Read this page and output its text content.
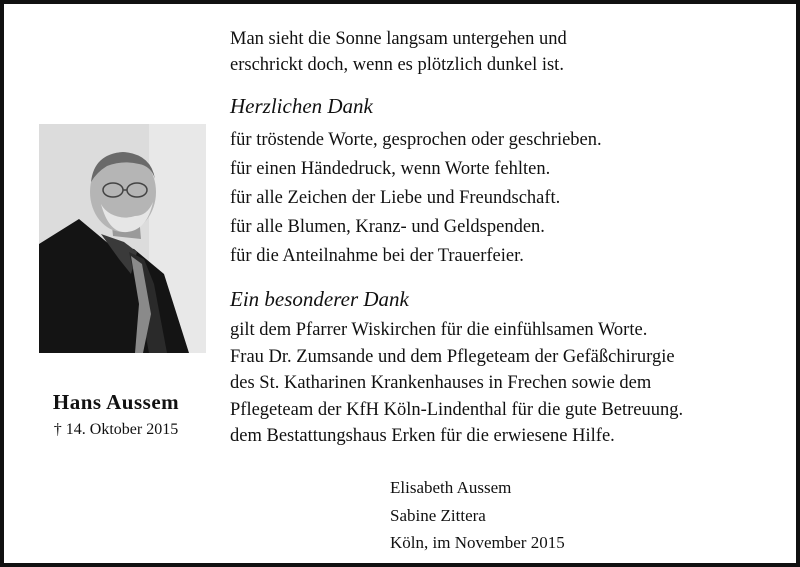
Hans Aussem
† 14. Oktober 2015

Man sieht die Sonne langsam untergehen und

erschrickt doch, wenn es plötzlich dunkel ist.

Herzlichen Dank

für tröstende Worte, gesprochen oder geschrieben.

für einen Händedruck, wenn Worte fehlten.

für alle Zeichen der Liebe und Freundschaft.

für alle Blumen, Kranz- und Geldspenden.

für die Anteilnahme bei der Trauerfeier.

Ein besonderer Dank

gilt dem Pfarrer Wiskirchen für die einfühlsamen Worte.

Frau Dr. Zumsande und dem Pflegeteam der Gefäßchirurgie

des St. Katharinen Krankenhauses in Frechen sowie dem

Pflegeteam der KfH Köln-Lindenthal für die gute Betreuung.

dem Bestattungshaus Erken für die erwiesene Hilfe.

Elisabeth Aussem

Sabine Zittera

Köln, im November 2015
